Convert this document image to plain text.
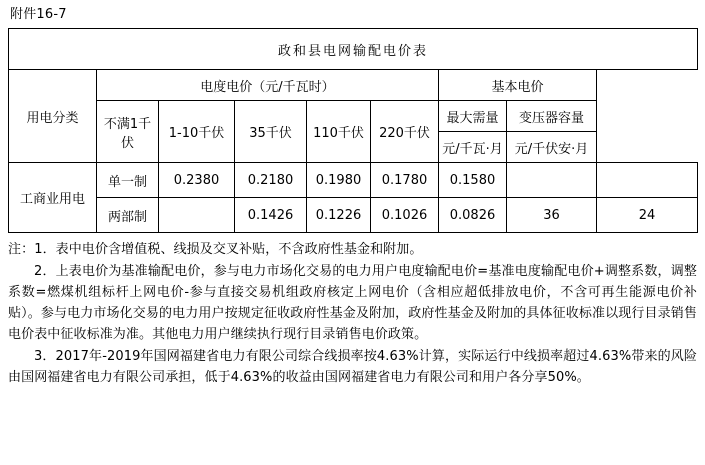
附件16-7
政和县电网输配电价表								
用电分类	电度电价（元/千瓦时）					基本电价		
	不满1千伏	1-10千伏	35千伏	110千伏	220千伏	最大需量	变压器容量	
						元/千瓦·月	元/千伏安·月	
工商业用电	单一制	0.2380	0.2180	0.1980	0.1780	0.1580		
	两部制		0.1426	0.1226	0.1026	0.0826	36	24

注：1．表中电价含增值税、线损及交叉补贴，不含政府性基金和附加。

2．上表电价为基准输配电价，参与电力市场化交易的电力用户电度输配电价=基准电度输配电价+调整系数，调整系数=燃煤机组标杆上网电价-参与直接交易机组政府核定上网电价（含相应超低排放电价，不含可再生能源电价补贴）。参与电力市场化交易的电力用户按规定征收政府性基金及附加，政府性基金及附加的具体征收标准以现行目录销售电价表中征收标准为准。其他电力用户继续执行现行目录销售电价政策。

3．2017年-2019年国网福建省电力有限公司综合线损率按4.63%计算，实际运行中线损率超过4.63%带来的风险由国网福建省电力有限公司承担，低于4.63%的收益由国网福建省电力有限公司和用户各分享50%。
